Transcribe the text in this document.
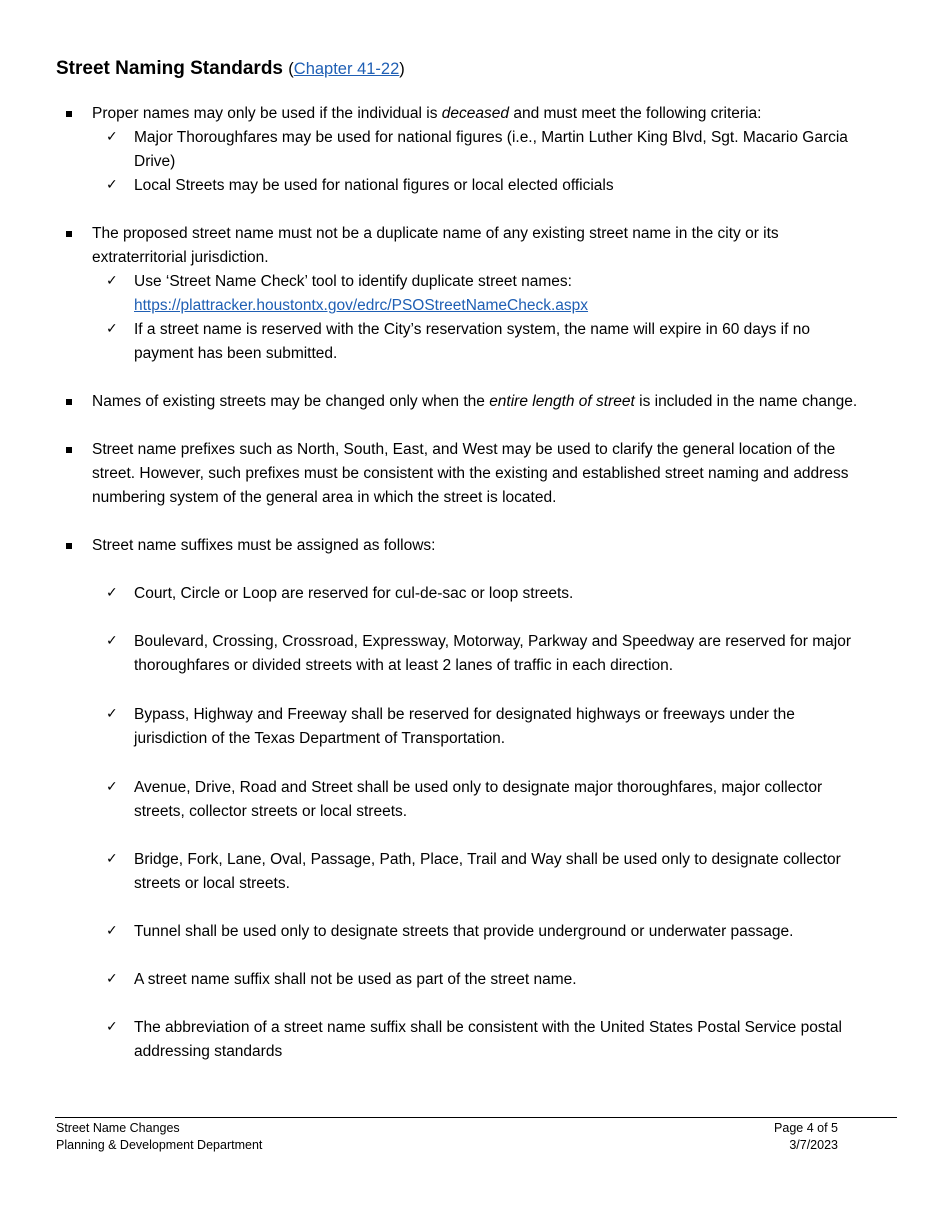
Street Naming Standards (Chapter 41-22)
Proper names may only be used if the individual is deceased and must meet the following criteria:
✓ Major Thoroughfares may be used for national figures (i.e., Martin Luther King Blvd, Sgt. Macario Garcia Drive)
✓ Local Streets may be used for national figures or local elected officials
The proposed street name must not be a duplicate name of any existing street name in the city or its extraterritorial jurisdiction.
✓ Use ‘Street Name Check’ tool to identify duplicate street names:
https://plattracker.houstontx.gov/edrc/PSOStreetNameCheck.aspx
✓ If a street name is reserved with the City’s reservation system, the name will expire in 60 days if no payment has been submitted.
Names of existing streets may be changed only when the entire length of street is included in the name change.
Street name prefixes such as North, South, East, and West may be used to clarify the general location of the street. However, such prefixes must be consistent with the existing and established street naming and address numbering system of the general area in which the street is located.
Street name suffixes must be assigned as follows:
✓ Court, Circle or Loop are reserved for cul-de-sac or loop streets.
✓ Boulevard, Crossing, Crossroad, Expressway, Motorway, Parkway and Speedway are reserved for major thoroughfares or divided streets with at least 2 lanes of traffic in each direction.
✓ Bypass, Highway and Freeway shall be reserved for designated highways or freeways under the jurisdiction of the Texas Department of Transportation.
✓ Avenue, Drive, Road and Street shall be used only to designate major thoroughfares, major collector streets, collector streets or local streets.
✓ Bridge, Fork, Lane, Oval, Passage, Path, Place, Trail and Way shall be used only to designate collector streets or local streets.
✓ Tunnel shall be used only to designate streets that provide underground or underwater passage.
✓ A street name suffix shall not be used as part of the street name.
✓ The abbreviation of a street name suffix shall be consistent with the United States Postal Service postal addressing standards
Street Name Changes
Planning & Development Department
Page 4 of 5
3/7/2023
